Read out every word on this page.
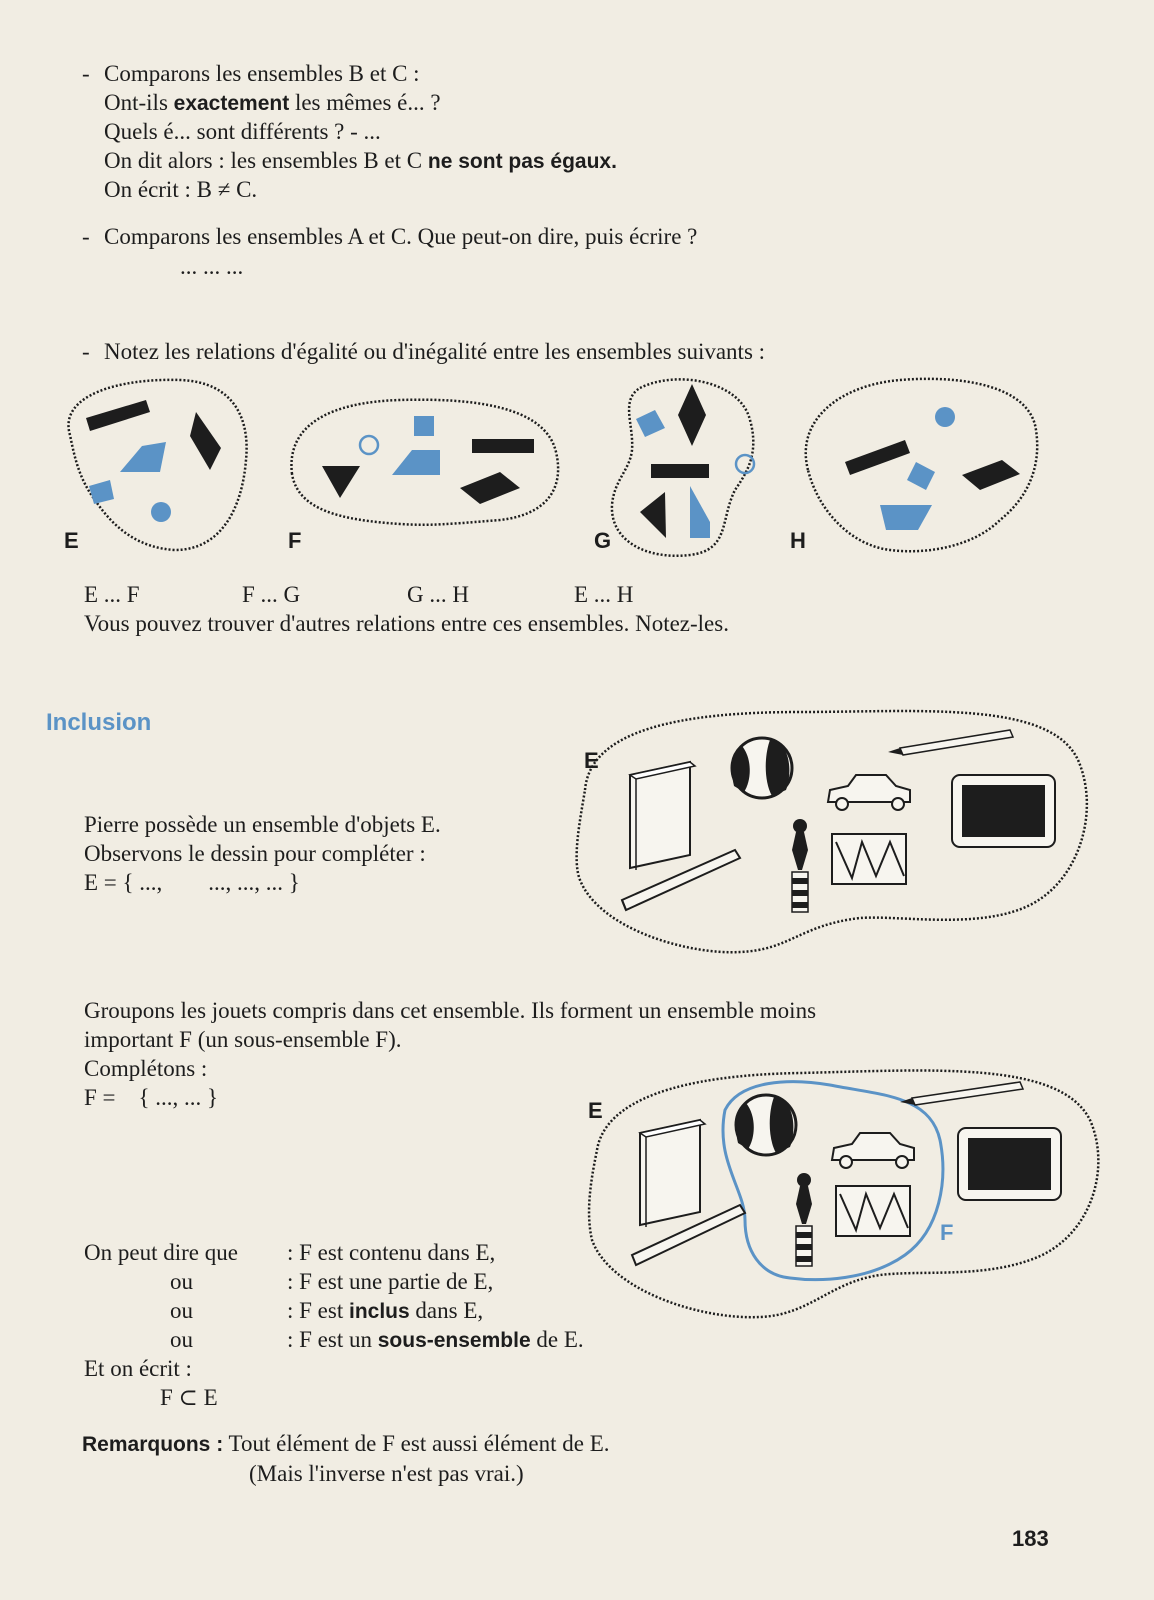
- Comparons les ensembles B et C :
Ont-ils exactement les mêmes é... ?
Quels é... sont différents ? - ...
On dit alors : les ensembles B et C ne sont pas égaux.
On écrit : B ≠ C.
- Comparons les ensembles A et C. Que peut-on dire, puis écrire ?
... ... ...
- Notez les relations d'égalité ou d'inégalité entre les ensembles suivants :
E	F	G	H
E ... F	F ... G	G ... H	E ... H
Vous pouvez trouver d'autres relations entre ces ensembles. Notez-les.
Inclusion
Pierre possède un ensemble d'objets E.
Observons le dessin pour compléter :
E = { ...,        ..., ..., ... }
E
Groupons les jouets compris dans cet ensemble. Ils forment un ensemble moins
important F (un sous-ensemble F).
Complétons :
F =    { ..., ... }
E
F
On peut dire que : F est contenu dans E,
ou	: F est une partie de E,
ou	: F est inclus dans E,
ou	: F est un sous-ensemble de E.
Et on écrit :
F ⊂ E
Remarquons : Tout élément de F est aussi élément de E.
(Mais l'inverse n'est pas vrai.)
183
